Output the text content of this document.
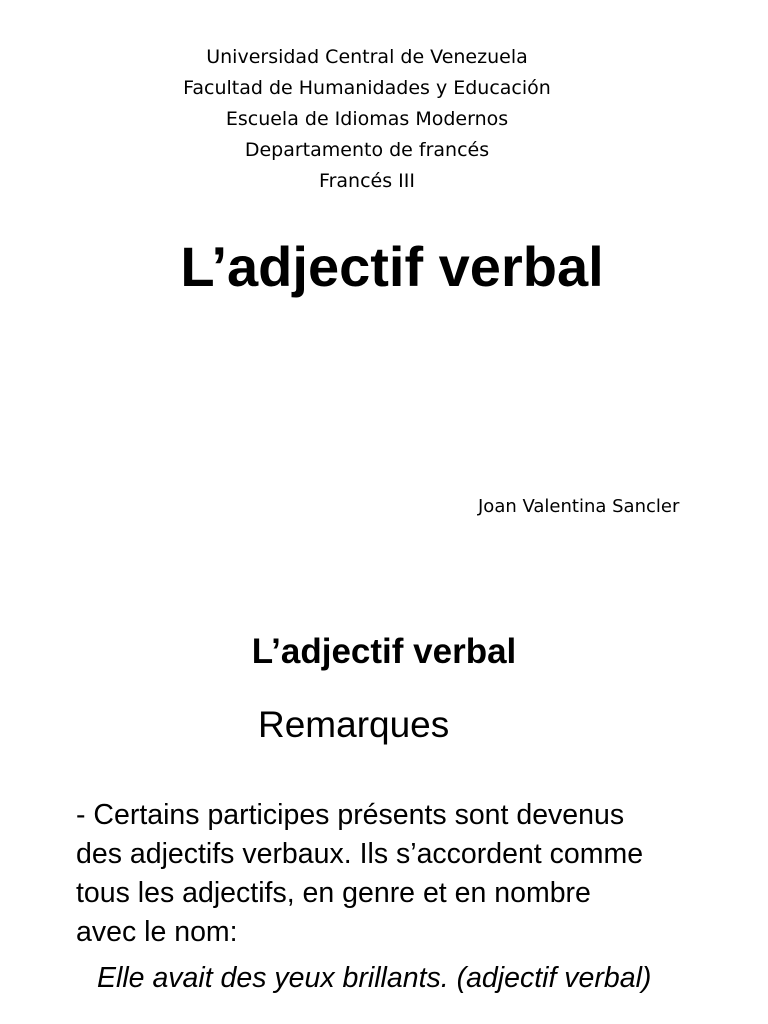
Universidad Central de Venezuela
Facultad de Humanidades y Educación
Escuela de Idiomas Modernos
Departamento de francés
Francés III
L’adjectif verbal
Joan Valentina Sancler
L’adjectif verbal
Remarques
- Certains participes présents sont devenus
des adjectifs verbaux. Ils s’accordent comme
tous les adjectifs, en genre et en nombre
avec le nom:
Elle avait des yeux brillants. (adjectif verbal)
